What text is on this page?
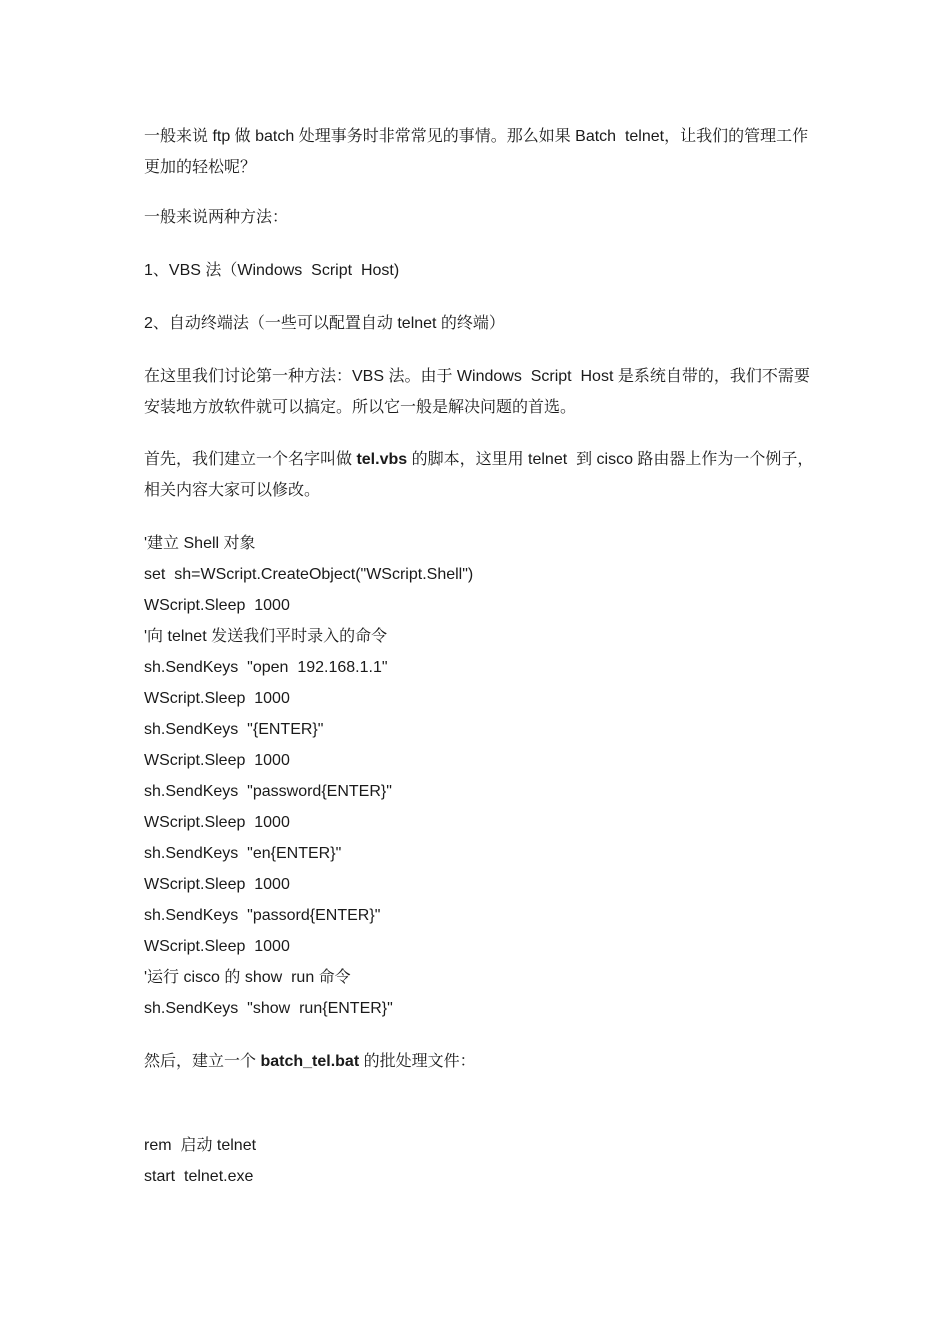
一般来说 ftp 做 batch 处理事务时非常常见的事情。那么如果 Batch  telnet，让我们的管理工作更加的轻松呢？

一般来说两种方法：

1、VBS 法（Windows  Script  Host)

2、自动终端法（一些可以配置自动 telnet 的终端）

在这里我们讨论第一种方法：VBS 法。由于 Windows  Script  Host 是系统自带的，我们不需要安装地方放软件就可以搞定。所以它一般是解决问题的首选。

首先，我们建立一个名字叫做 tel.vbs 的脚本，这里用 telnet  到 cisco 路由器上作为一个例子，相关内容大家可以修改。

'建立 Shell 对象
set  sh=WScript.CreateObject("WScript.Shell")
WScript.Sleep  1000
'向 telnet 发送我们平时录入的命令
sh.SendKeys  "open  192.168.1.1"
WScript.Sleep  1000
sh.SendKeys  "{ENTER}"
WScript.Sleep  1000
sh.SendKeys  "password{ENTER}"
WScript.Sleep  1000
sh.SendKeys  "en{ENTER}"
WScript.Sleep  1000
sh.SendKeys  "passord{ENTER}"
WScript.Sleep  1000
'运行 cisco 的 show  run 命令
sh.SendKeys  "show  run{ENTER}"

然后，建立一个 batch_tel.bat 的批处理文件：

rem  启动 telnet
start  telnet.exe
